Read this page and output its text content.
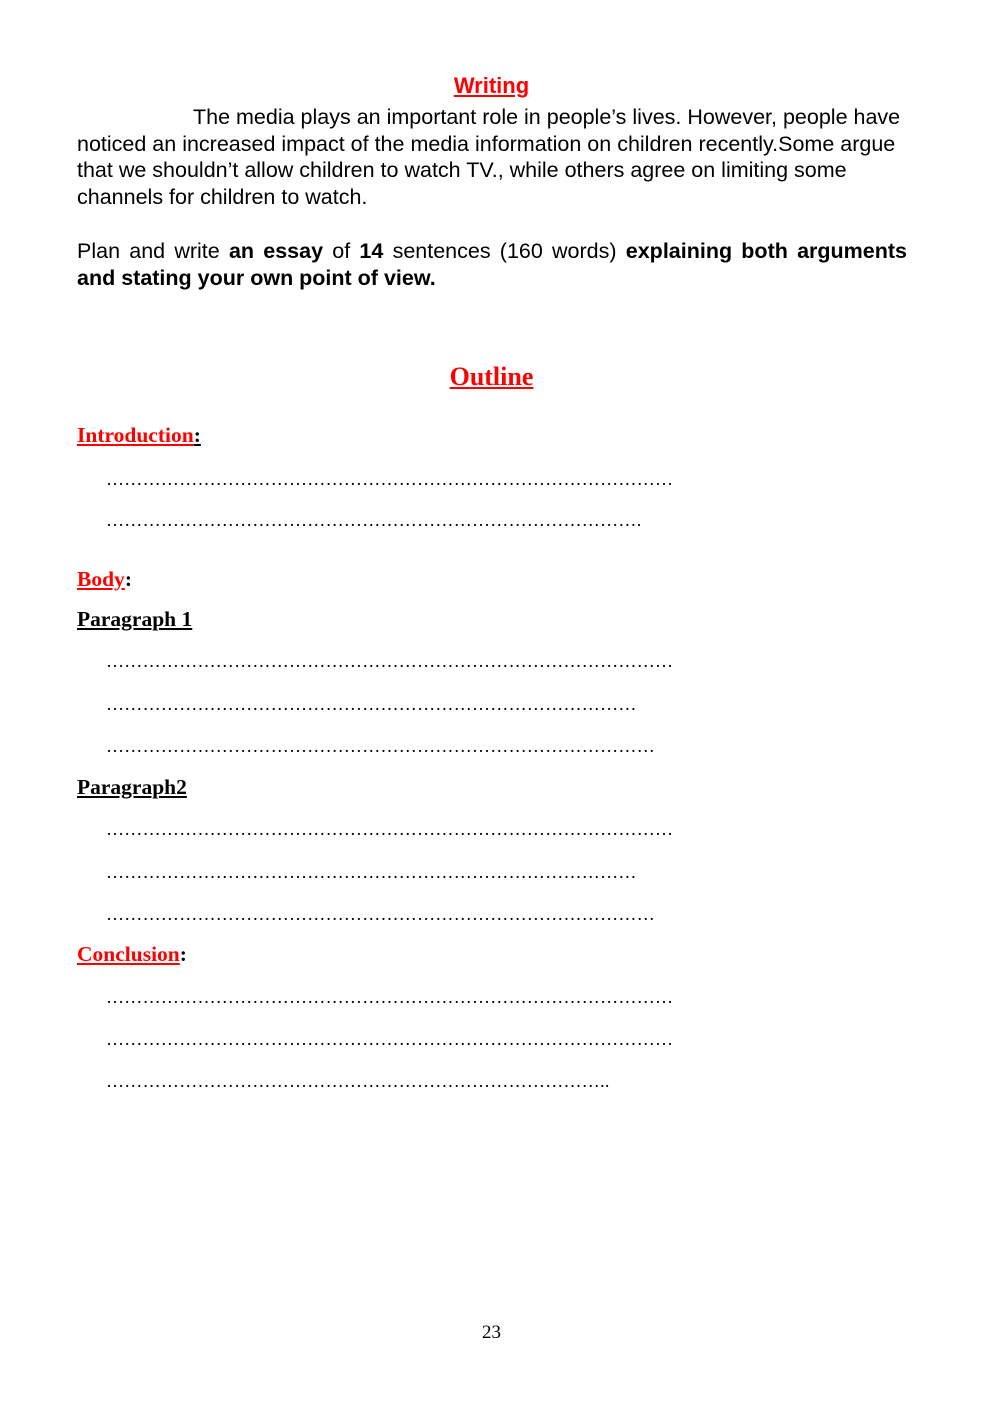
Writing

The media plays an important role in people’s lives. However, people have noticed an increased impact of the media information on children recently.Some argue that we shouldn’t allow children to watch TV., while others agree on limiting some channels for children to watch.

Plan and write an essay of 14 sentences (160 words) explaining both arguments and stating your own point of view.
Outline
Introduction:
…………………………………………………………………………………
…………………………………………………………………………….
Body:
Paragraph 1
…………………………………………………………………………………
……………………………………………………………………………
………………………………………………………………………………
Paragraph2
…………………………………………………………………………………
……………………………………………………………………………
………………………………………………………………………………
Conclusion:
…………………………………………………………………………………
…………………………………………………………………………………
………………………………………………………………………..
23
